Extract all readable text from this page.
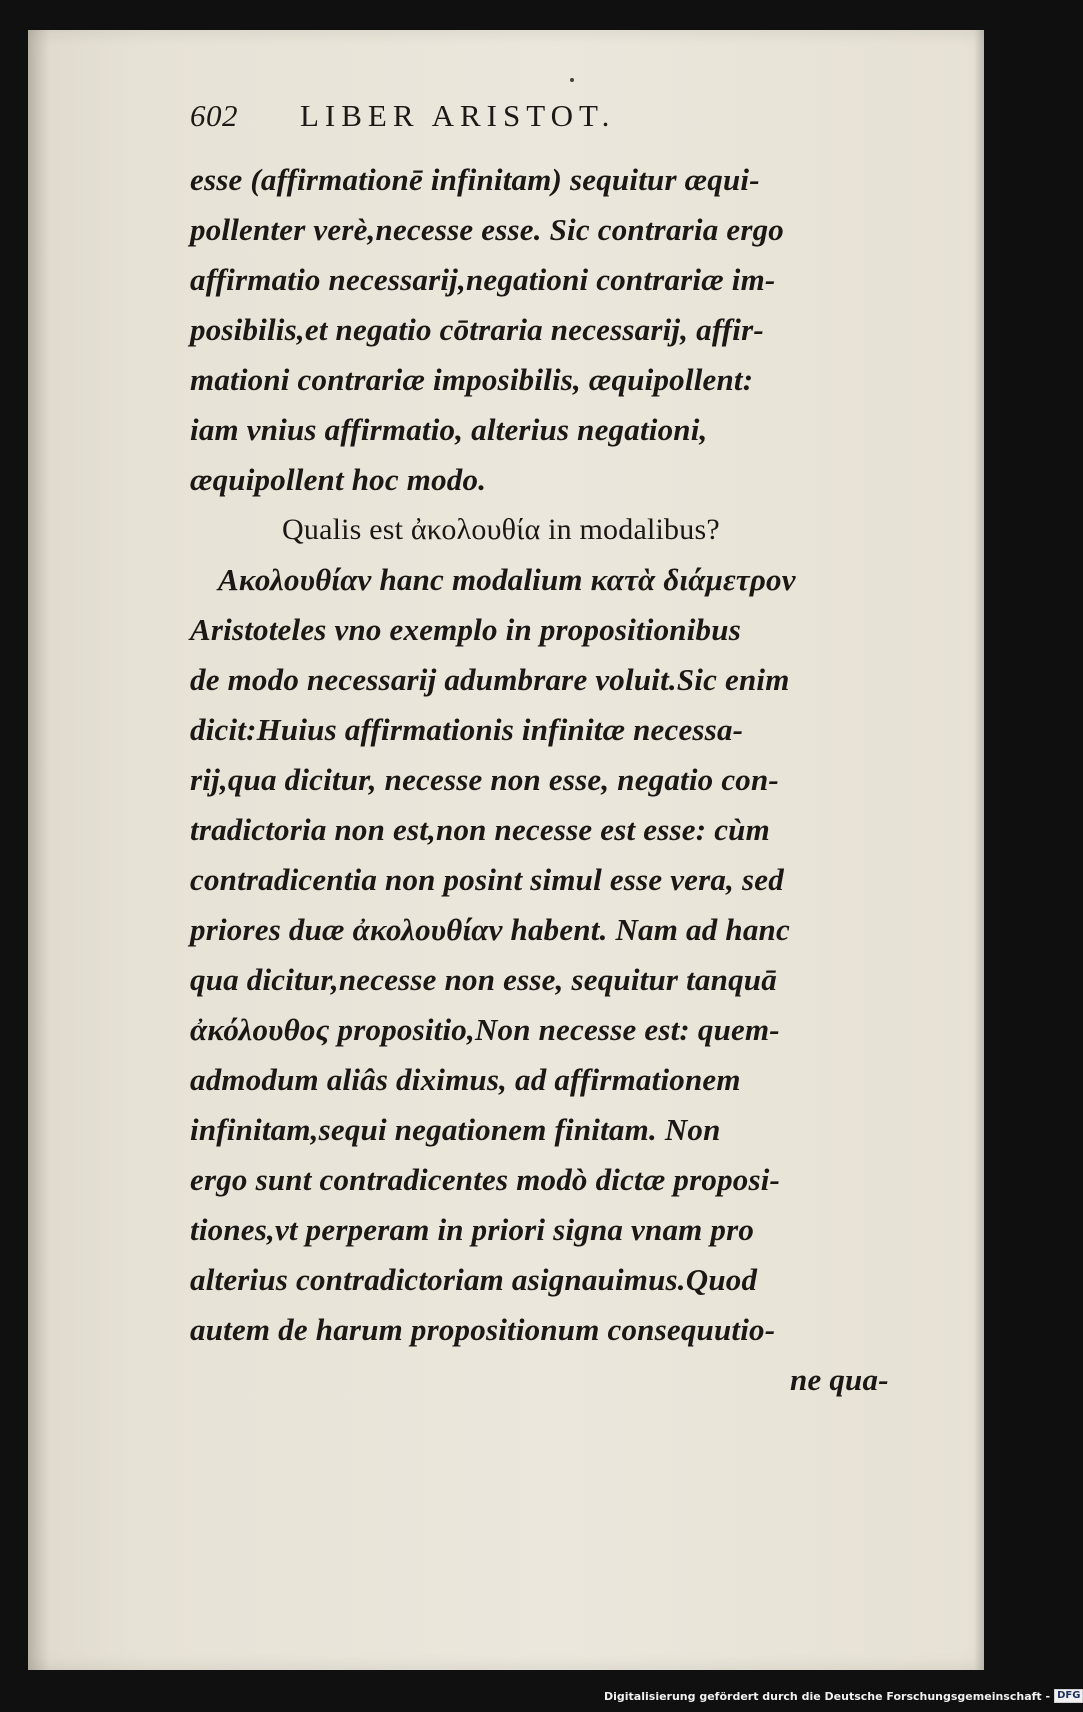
602 LIBER ARISTOT.
esse (affirmationē infinitam) sequitur æqui-
pollenter verè,necesse esse. Sic contraria ergo
affirmatio necessarij,negationi contrariæ im-
posibilis,et negatio cōtraria necessarij, affir-
mationi contrariæ imposibilis, æquipollent:
iam vnius affirmatio, alterius negationi,
æquipollent hoc modo.
Qualis est ἀκολουθία in modalibus?
Ακολουθίαν hanc modalium κατὰ διάμετρον
Aristoteles vno exemplo in propositionibus
de modo necessarij adumbrare voluit.Sic enim
dicit:Huius affirmationis infinitæ necessa-
rij,qua dicitur, necesse non esse, negatio con-
tradictoria non est,non necesse est esse: cùm
contradicentia non posint simul esse vera, sed
priores duæ ἀκολουθίαν habent. Nam ad hanc
qua dicitur,necesse non esse, sequitur tanquā
ἀκόλουθος propositio,Non necesse est: quem-
admodum aliâs diximus, ad affirmationem
infinitam,sequi negationem finitam. Non
ergo sunt contradicentes modò dictæ proposi-
tiones,vt perperam in priori signa vnam pro
alterius contradictoriam asignauimus.Quod
autem de harum propositionum consequutio-
ne qua-
Digitalisierung gefördert durch die Deutsche Forschungsgemeinschaft - DFG
